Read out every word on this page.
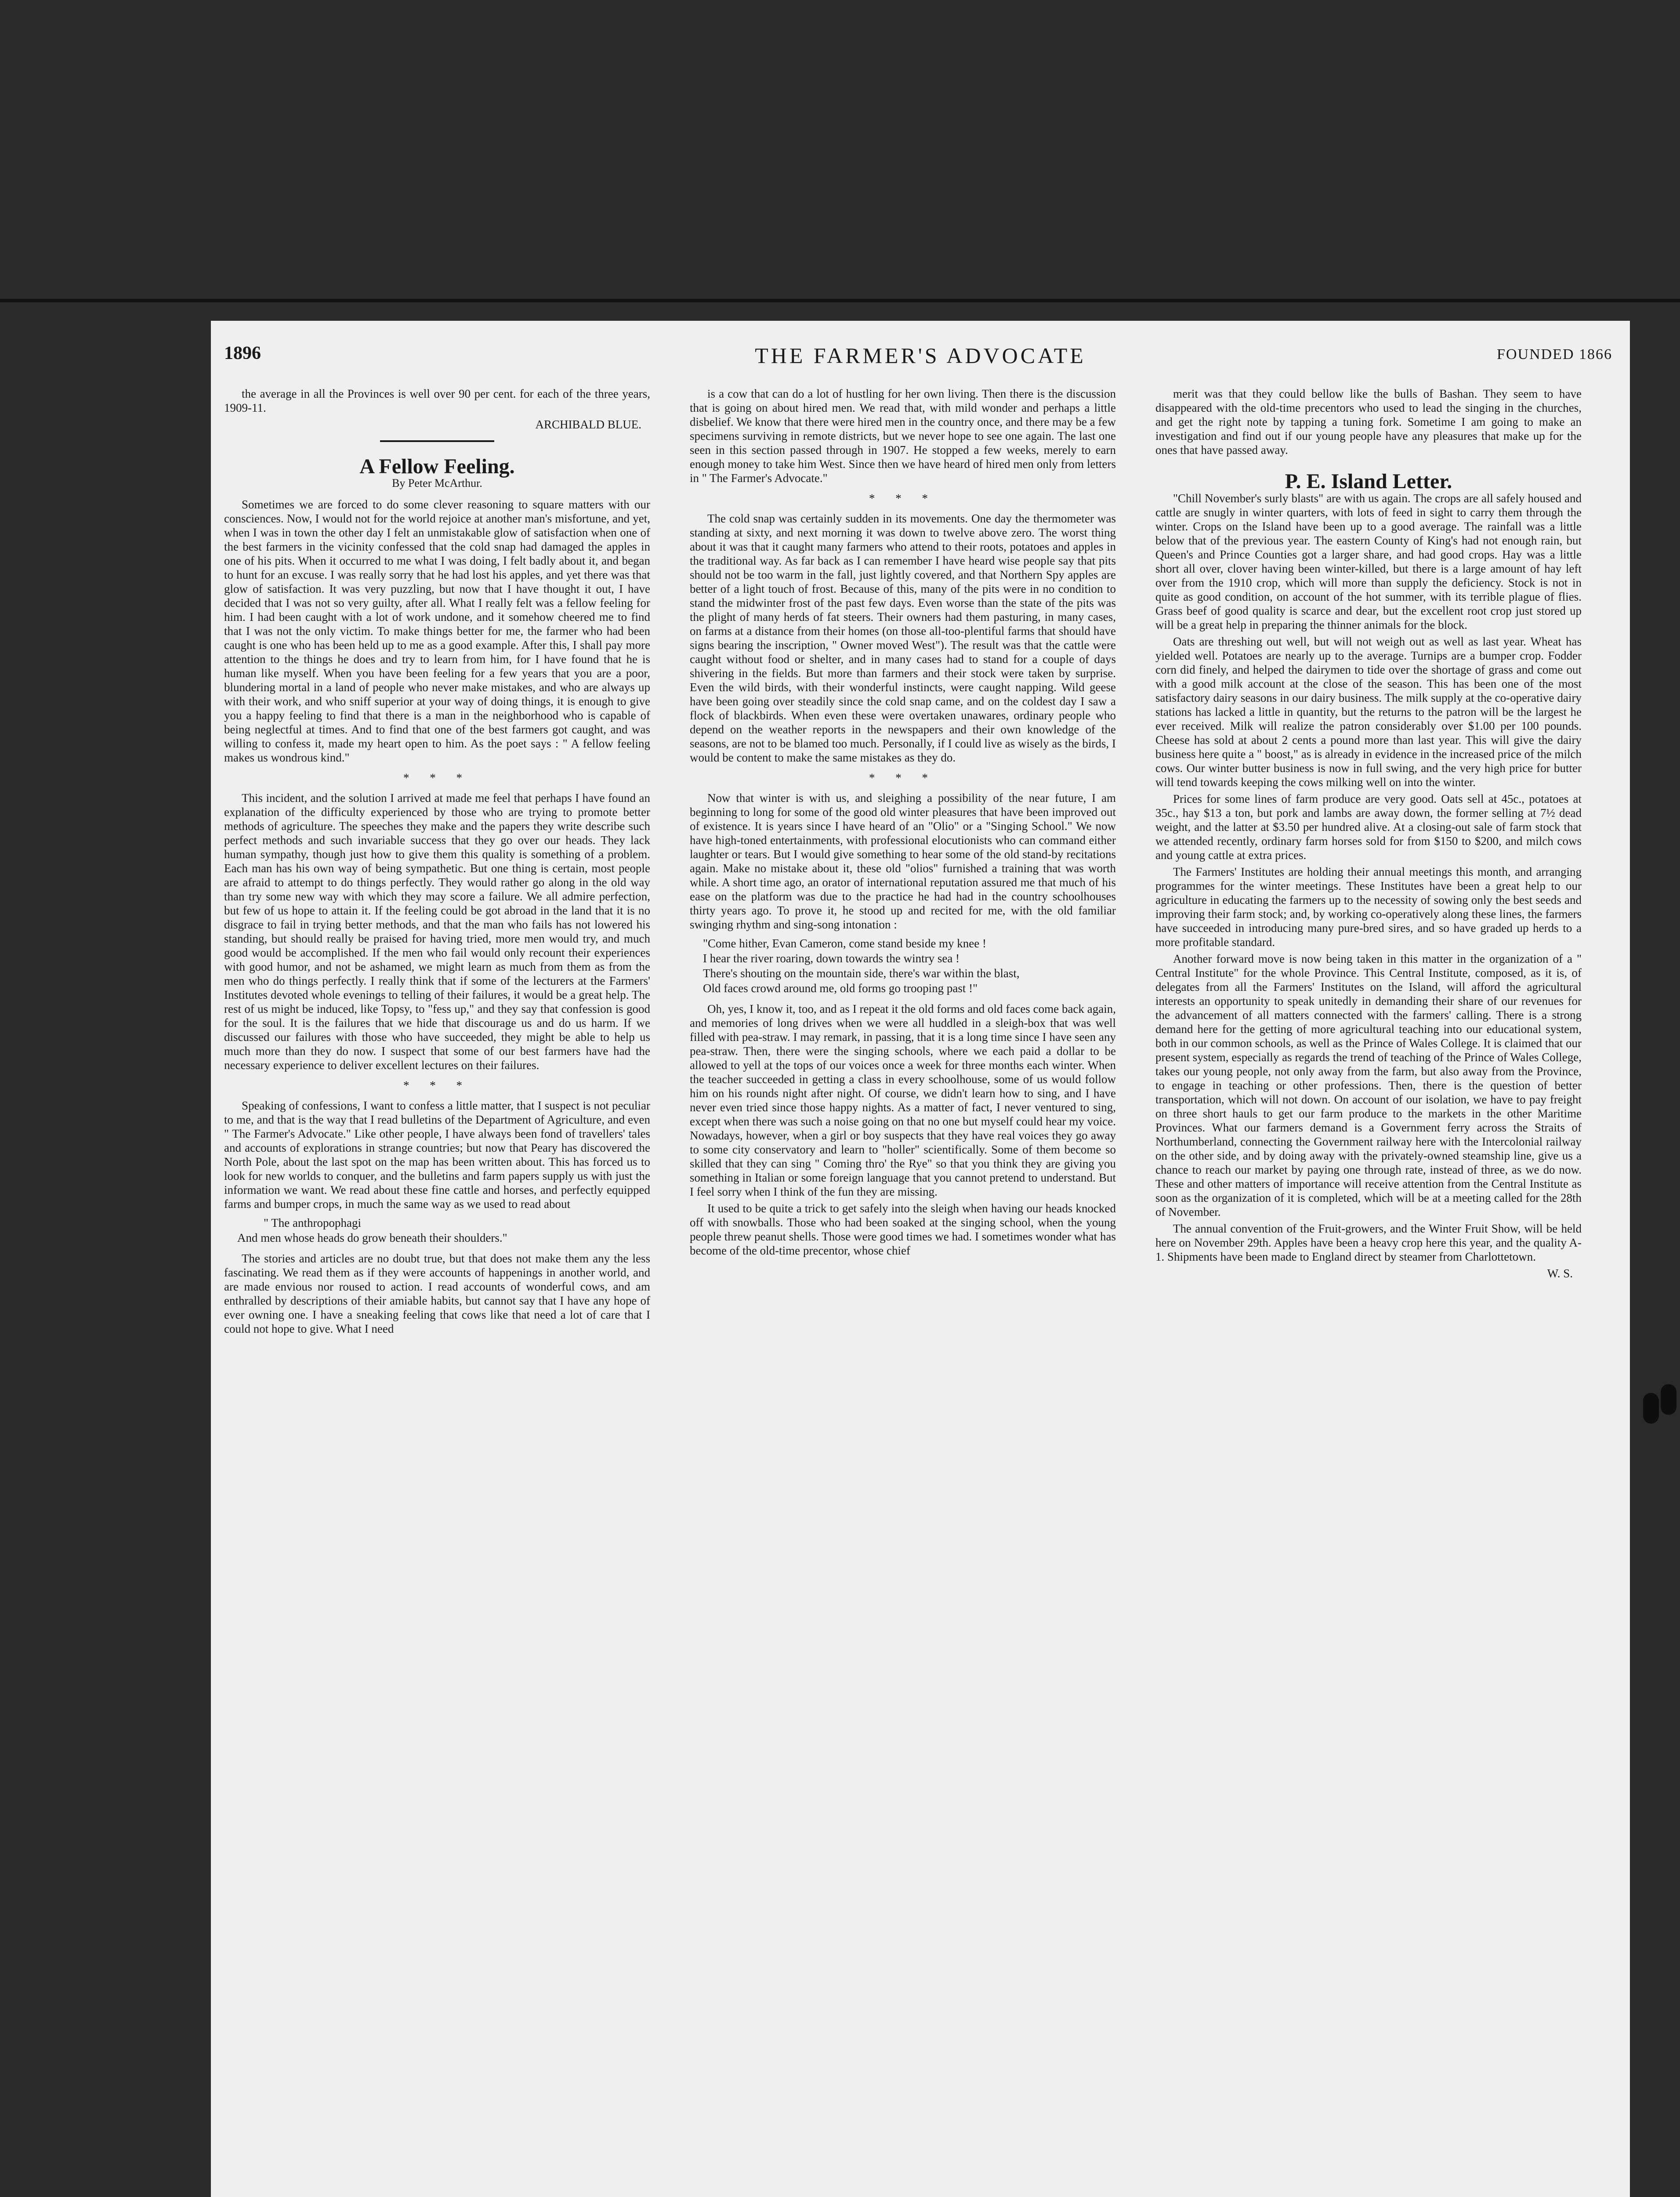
1896	THE FARMER'S ADVOCATE	FOUNDED 1866

the average in all the Provinces is well over 90 per cent. for each of the three years, 1909-11.

ARCHIBALD BLUE.
A Fellow Feeling.
By Peter McArthur.

Sometimes we are forced to do some clever reasoning to square matters with our consciences. Now, I would not for the world rejoice at another man's misfortune, and yet, when I was in town the other day I felt an unmistakable glow of satisfaction when one of the best farmers in the vicinity confessed that the cold snap had damaged the apples in one of his pits. When it occurred to me what I was doing, I felt badly about it, and began to hunt for an excuse. I was really sorry that he had lost his apples, and yet there was that glow of satisfaction. It was very puzzling, but now that I have thought it out, I have decided that I was not so very guilty, after all. What I really felt was a fellow feeling for him. I had been caught with a lot of work undone, and it somehow cheered me to find that I was not the only victim. To make things better for me, the farmer who had been caught is one who has been held up to me as a good example. After this, I shall pay more attention to the things he does and try to learn from him, for I have found that he is human like myself. When you have been feeling for a few years that you are a poor, blundering mortal in a land of people who never make mistakes, and who are always up with their work, and who sniff superior at your way of doing things, it is enough to give you a happy feeling to find that there is a man in the neighborhood who is capable of being neglectful at times. And to find that one of the best farmers got caught, and was willing to confess it, made my heart open to him. As the poet says : " A fellow feeling makes us wondrous kind."

* * *

This incident, and the solution I arrived at made me feel that perhaps I have found an explanation of the difficulty experienced by those who are trying to promote better methods of agriculture. The speeches they make and the papers they write describe such perfect methods and such invariable success that they go over our heads. They lack human sympathy, though just how to give them this quality is something of a problem. Each man has his own way of being sympathetic. But one thing is certain, most people are afraid to attempt to do things perfectly. They would rather go along in the old way than try some new way with which they may score a failure. We all admire perfection, but few of us hope to attain it. If the feeling could be got abroad in the land that it is no disgrace to fail in trying better methods, and that the man who fails has not lowered his standing, but should really be praised for having tried, more men would try, and much good would be accomplished. If the men who fail would only recount their experiences with good humor, and not be ashamed, we might learn as much from them as from the men who do things perfectly. I really think that if some of the lecturers at the Farmers' Institutes devoted whole evenings to telling of their failures, it would be a great help. The rest of us might be induced, like Topsy, to "fess up," and they say that confession is good for the soul. It is the failures that we hide that discourage us and do us harm. If we discussed our failures with those who have succeeded, they might be able to help us much more than they do now. I suspect that some of our best farmers have had the necessary experience to deliver excellent lectures on their failures.

* * *

Speaking of confessions, I want to confess a little matter, that I suspect is not peculiar to me, and that is the way that I read bulletins of the Department of Agriculture, and even " The Farmer's Advocate." Like other people, I have always been fond of travellers' tales and accounts of explorations in strange countries; but now that Peary has discovered the North Pole, about the last spot on the map has been written about. This has forced us to look for new worlds to conquer, and the bulletins and farm papers supply us with just the information we want. We read about these fine cattle and horses, and perfectly equipped farms and bumper crops, in much the same way as we used to read about

" The anthropophagi
And men whose heads do grow beneath their shoulders."

The stories and articles are no doubt true, but that does not make them any the less fascinating. We read them as if they were accounts of happenings in another world, and are made envious nor roused to action. I read accounts of wonderful cows, and am enthralled by descriptions of their amiable habits, but cannot say that I have any hope of ever owning one. I have a sneaking feeling that cows like that need a lot of care that I could not hope to give. What I need

is a cow that can do a lot of hustling for her own living. Then there is the discussion that is going on about hired men. We read that, with mild wonder and perhaps a little disbelief. We know that there were hired men in the country once, and there may be a few specimens surviving in remote districts, but we never hope to see one again. The last one seen in this section passed through in 1907. He stopped a few weeks, merely to earn enough money to take him West. Since then we have heard of hired men only from letters in " The Farmer's Advocate."

* * *

The cold snap was certainly sudden in its movements. One day the thermometer was standing at sixty, and next morning it was down to twelve above zero. The worst thing about it was that it caught many farmers who attend to their roots, potatoes and apples in the traditional way. As far back as I can remember I have heard wise people say that pits should not be too warm in the fall, just lightly covered, and that Northern Spy apples are better of a light touch of frost. Because of this, many of the pits were in no condition to stand the midwinter frost of the past few days. Even worse than the state of the pits was the plight of many herds of fat steers. Their owners had them pasturing, in many cases, on farms at a distance from their homes (on those all-too-plentiful farms that should have signs bearing the inscription, " Owner moved West"). The result was that the cattle were caught without food or shelter, and in many cases had to stand for a couple of days shivering in the fields. But more than farmers and their stock were taken by surprise. Even the wild birds, with their wonderful instincts, were caught napping. Wild geese have been going over steadily since the cold snap came, and on the coldest day I saw a flock of blackbirds. When even these were overtaken unawares, ordinary people who depend on the weather reports in the newspapers and their own knowledge of the seasons, are not to be blamed too much. Personally, if I could live as wisely as the birds, I would be content to make the same mistakes as they do.

* * *

Now that winter is with us, and sleighing a possibility of the near future, I am beginning to long for some of the good old winter pleasures that have been improved out of existence. It is years since I have heard of an "Olio" or a "Singing School." We now have high-toned entertainments, with professional elocutionists who can command either laughter or tears. But I would give something to hear some of the old stand-by recitations again. Make no mistake about it, these old "olios" furnished a training that was worth while. A short time ago, an orator of international reputation assured me that much of his ease on the platform was due to the practice he had had in the country schoolhouses thirty years ago. To prove it, he stood up and recited for me, with the old familiar swinging rhythm and sing-song intonation :

"Come hither, Evan Cameron, come stand beside my knee !
I hear the river roaring, down towards the wintry sea !
There's shouting on the mountain side, there's war within the blast,
Old faces crowd around me, old forms go trooping past !"

Oh, yes, I know it, too, and as I repeat it the old forms and old faces come back again, and memories of long drives when we were all huddled in a sleigh-box that was well filled with pea-straw. I may remark, in passing, that it is a long time since I have seen any pea-straw. Then, there were the singing schools, where we each paid a dollar to be allowed to yell at the tops of our voices once a week for three months each winter. When the teacher succeeded in getting a class in every schoolhouse, some of us would follow him on his rounds night after night. Of course, we didn't learn how to sing, and I have never even tried since those happy nights. As a matter of fact, I never ventured to sing, except when there was such a noise going on that no one but myself could hear my voice. Nowadays, however, when a girl or boy suspects that they have real voices they go away to some city conservatory and learn to "holler" scientifically. Some of them become so skilled that they can sing " Coming thro' the Rye" so that you think they are giving you something in Italian or some foreign language that you cannot pretend to understand. But I feel sorry when I think of the fun they are missing.

It used to be quite a trick to get safely into the sleigh when having our heads knocked off with snowballs. Those who had been soaked at the singing school, when the young people threw peanut shells. Those were good times we had. I sometimes wonder what has become of the old-time precentor, whose chief

merit was that they could bellow like the bulls of Bashan. They seem to have disappeared with the old-time precentors who used to lead the singing in the churches, and get the right note by tapping a tuning fork. Sometime I am going to make an investigation and find out if our young people have any pleasures that make up for the ones that have passed away.

P. E. Island Letter.

"Chill November's surly blasts" are with us again. The crops are all safely housed and cattle are snugly in winter quarters, with lots of feed in sight to carry them through the winter. Crops on the Island have been up to a good average. The rainfall was a little below that of the previous year. The eastern County of King's had not enough rain, but Queen's and Prince Counties got a larger share, and had good crops. Hay was a little short all over, clover having been winter-killed, but there is a large amount of hay left over from the 1910 crop, which will more than supply the deficiency. Stock is not in quite as good condition, on account of the hot summer, with its terrible plague of flies. Grass beef of good quality is scarce and dear, but the excellent root crop just stored up will be a great help in preparing the thinner animals for the block.

Oats are threshing out well, but will not weigh out as well as last year. Wheat has yielded well. Potatoes are nearly up to the average. Turnips are a bumper crop. Fodder corn did finely, and helped the dairymen to tide over the shortage of grass and come out with a good milk account at the close of the season. This has been one of the most satisfactory dairy seasons in our dairy business. The milk supply at the co-operative dairy stations has lacked a little in quantity, but the returns to the patron will be the largest he ever received. Milk will realize the patron considerably over $1.00 per 100 pounds. Cheese has sold at about 2 cents a pound more than last year. This will give the dairy business here quite a " boost," as is already in evidence in the increased price of the milch cows. Our winter butter business is now in full swing, and the very high price for butter will tend towards keeping the cows milking well on into the winter.

Prices for some lines of farm produce are very good. Oats sell at 45c., potatoes at 35c., hay $13 a ton, but pork and lambs are away down, the former selling at 7½ dead weight, and the latter at $3.50 per hundred alive. At a closing-out sale of farm stock that we attended recently, ordinary farm horses sold for from $150 to $200, and milch cows and young cattle at extra prices.

The Farmers' Institutes are holding their annual meetings this month, and arranging programmes for the winter meetings. These Institutes have been a great help to our agriculture in educating the farmers up to the necessity of sowing only the best seeds and improving their farm stock; and, by working co-operatively along these lines, the farmers have succeeded in introducing many pure-bred sires, and so have graded up herds to a more profitable standard.

Another forward move is now being taken in this matter in the organization of a " Central Institute" for the whole Province. This Central Institute, composed, as it is, of delegates from all the Farmers' Institutes on the Island, will afford the agricultural interests an opportunity to speak unitedly in demanding their share of our revenues for the advancement of all matters connected with the farmers' calling. There is a strong demand here for the getting of more agricultural teaching into our educational system, both in our common schools, as well as the Prince of Wales College. It is claimed that our present system, especially as regards the trend of teaching of the Prince of Wales College, takes our young people, not only away from the farm, but also away from the Province, to engage in teaching or other professions. Then, there is the question of better transportation, which will not down. On account of our isolation, we have to pay freight on three short hauls to get our farm produce to the markets in the other Maritime Provinces. What our farmers demand is a Government ferry across the Straits of Northumberland, connecting the Government railway here with the Intercolonial railway on the other side, and by doing away with the privately-owned steamship line, give us a chance to reach our market by paying one through rate, instead of three, as we do now. These and other matters of importance will receive attention from the Central Institute as soon as the organization of it is completed, which will be at a meeting called for the 28th of November.

The annual convention of the Fruit-growers, and the Winter Fruit Show, will be held here on November 29th. Apples have been a heavy crop here this year, and the quality A-1. Shipments have been made to England direct by steamer from Charlottetown.

W. S.
